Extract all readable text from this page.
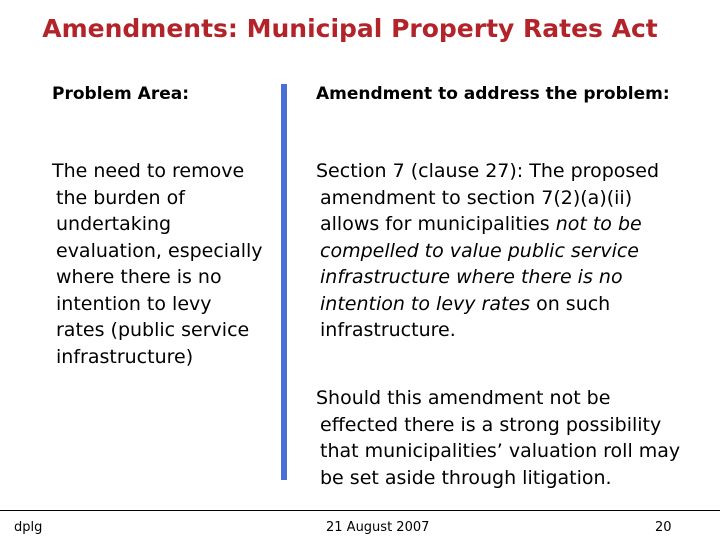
Amendments: Municipal Property Rates Act
Problem Area:	Amendment to address the problem:
The need to remove
the burden of
undertaking
evaluation, especially
where there is no
intention to levy
rates (public service
infrastructure)
Section 7 (clause 27): The proposed
amendment to section 7(2)(a)(ii)
allows for municipalities not to be
compelled to value public service
infrastructure where there is no
intention to levy rates on such
infrastructure.
Should this amendment not be
effected there is a strong possibility
that municipalities’ valuation roll may
be set aside through litigation.
dplg	21 August 2007	20
